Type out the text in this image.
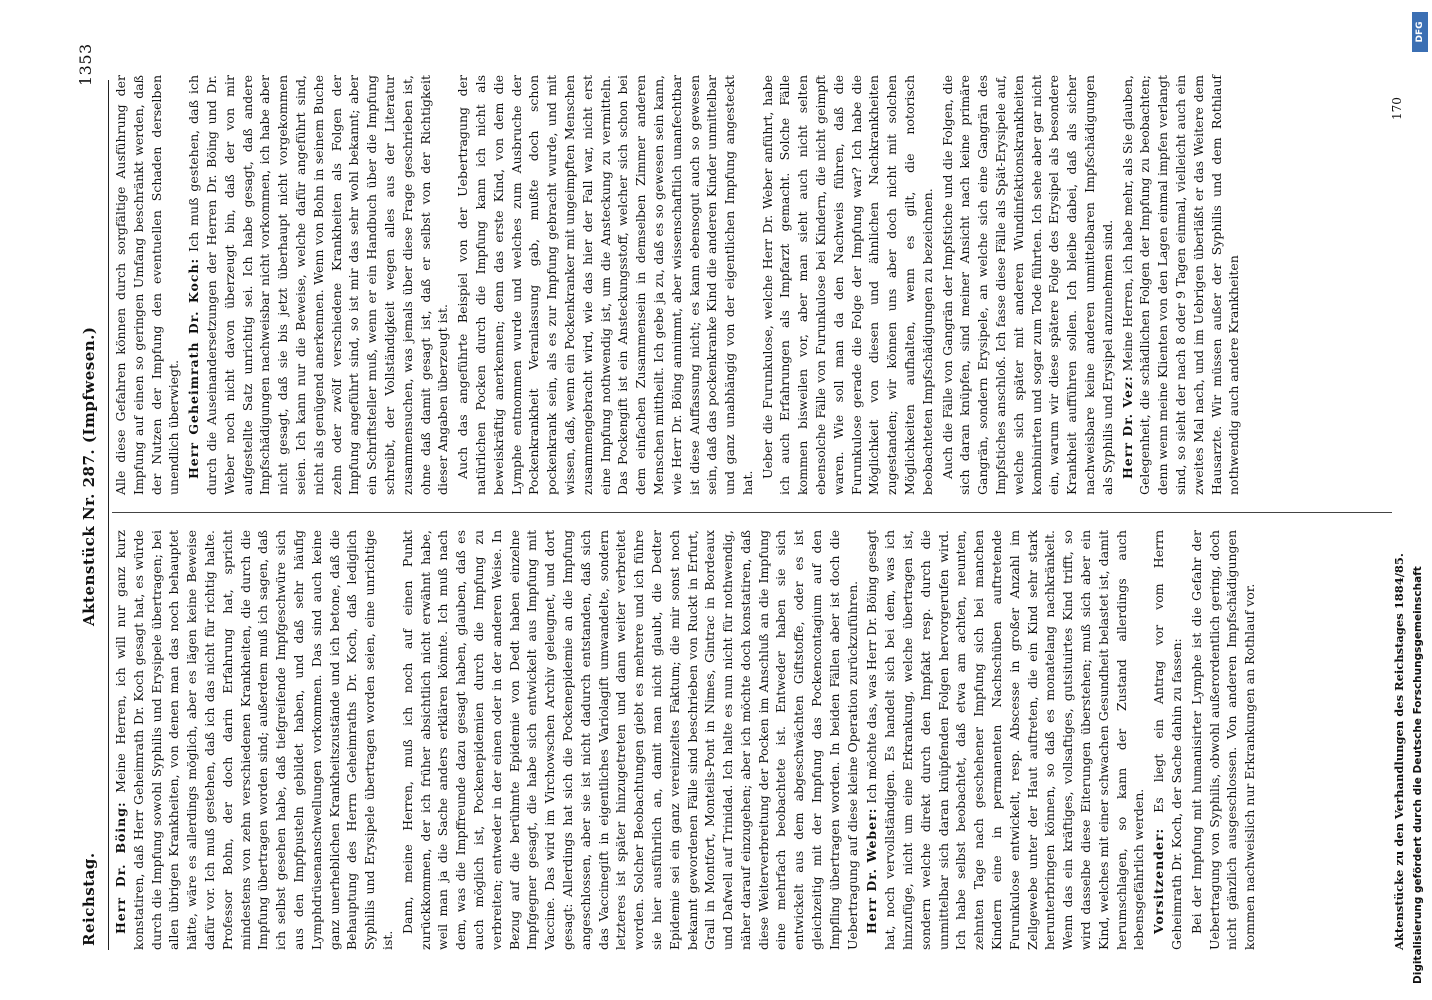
Reichstag.
Aktenstück Nr. 287. (Impfwesen.)
1353

Herr Dr. Böing: Meine Herren, ich will nur ganz kurz konstatiren, daß Herr Geheimrath Dr. Koch gesagt hat, es würde durch die Impfung sowohl Syphilis und Erysipele übertragen; bei allen übrigen Krankheiten, von denen man das noch behauptet hätte, wäre es allerdings möglich, aber es lägen keine Beweise dafür vor. Ich muß gestehen, daß ich das nicht für richtig halte. Professor Bohn, der doch darin Erfahrung hat, spricht mindestens von zehn verschiedenen Krankheiten, die durch die Impfung übertragen worden sind; außerdem muß ich sagen, daß ich selbst gesehen habe, daß tiefgreifende Impfgeschwüre sich aus den Impfpusteln gebildet haben, und daß sehr häufig Lymphdrüsenanschwellungen vorkommen. Das sind auch keine ganz unerheblichen Krankheitszustände und ich betone, daß die Behauptung des Herrn Geheimraths Dr. Koch, daß lediglich Syphilis und Erysipele übertragen worden seien, eine unrichtige ist.

Dann, meine Herren, muß ich noch auf einen Punkt zurückkommen, der ich früher absichtlich nicht erwähnt habe, weil man ja die Sache anders erklären könnte. Ich muß nach dem, was die Impffreunde dazu gesagt haben, glauben, daß es auch möglich ist, Pockenepidemien durch die Impfung zu verbreiten; entweder in der einen oder in der anderen Weise. In Bezug auf die berühmte Epidemie von Dedt haben einzelne Impfgegner gesagt, die habe sich entwickelt aus Impfung mit Vaccine. Das wird im Virchowschen Archiv geleugnet, und dort gesagt: Allerdings hat sich die Pockenepidemie an die Impfung angeschlossen, aber sie ist nicht dadurch entstanden, daß sich das Vaccinegift in eigentliches Variolagift umwandelte, sondern letzteres ist später hinzugetreten und dann weiter verbreitet worden. Solcher Beobachtungen giebt es mehrere und ich führe sie hier ausführlich an, damit man nicht glaubt, die Dedter Epidemie sei ein ganz vereinzeltes Faktum; die mir sonst noch bekannt gewordenen Fälle sind beschrieben von Ruckt in Erfurt, Grall in Montfort, Monteils-Pont in Nimes, Gintrac in Bordeaux und Dafwell auf Trinidad. Ich halte es nun nicht für nothwendig, näher darauf einzugehen; aber ich möchte doch konstatiren, daß diese Weiterverbreitung der Pocken im Anschluß an die Impfung eine mehrfach beobachtete ist. Entweder haben sie sich entwickelt aus dem abgeschwächten Giftstoffe, oder es ist gleichzeitig mit der Impfung das Pockencontagium auf den Impfling übertragen worden. In beiden Fällen aber ist doch die Uebertragung auf diese kleine Operation zurückzuführen. Herr Dr. Weber: Ich möchte das, was Herr Dr. Böing gesagt hat, noch vervollständigen. Es handelt sich bei dem, was ich hinzufüge, nicht um eine Erkrankung, welche übertragen ist, sondern welche direkt durch den Impfakt resp. durch die unmittelbar sich daran knüpfenden Folgen hervorgerufen wird. Ich habe selbst beobachtet, daß etwa am achten, neunten, zehnten Tage nach geschehener Impfung sich bei manchen Kindern eine in permanenten Nachschüben auftretende Furunkulose entwickelt, resp. Abscesse in großer Anzahl im Zellgewebe unter der Haut auftreten, die ein Kind sehr stark herunterbringen können, so daß es monatelang nachkränkelt. Wenn das ein kräftiges, vollsaftiges, gutsituirtes Kind trifft, so wird dasselbe diese Eiterungen überstehen; muß sich aber ein Kind, welches mit einer schwachen Gesundheit belastet ist, damit herumschlagen, so kann der Zustand allerdings auch lebensgefährlich werden. Vorsitzender: Es liegt ein Antrag vor vom Herrn Geheimrath Dr. Koch, der Sache dahin zu fassen: Bei der Impfung mit humanisirter Lymphe ist die Gefahr der Uebertragung von Syphilis, obwohl außerordentlich gering, doch nicht gänzlich ausgeschlossen. Von anderen Impfschädigungen kommen nachweislich nur Erkrankungen an Rothlauf vor.

Alle diese Gefahren können durch sorgfältige Ausführung der Impfung auf einen so geringen Umfang beschränkt werden, daß der Nutzen der Impfung den eventuellen Schaden derselben unendlich überwiegt. Herr Geheimrath Dr. Koch: Ich muß gestehen, daß ich durch die Auseinandersetzungen der Herren Dr. Böing und Dr. Weber noch nicht davon überzeugt bin, daß der von mir aufgestellte Satz unrichtig sei. Ich habe gesagt, daß andere Impfschädigungen nachweisbar nicht vorkommen, ich habe aber nicht gesagt, daß sie bis jetzt überhaupt nicht vorgekommen seien. Ich kann nur die Beweise, welche dafür angeführt sind, nicht als genügend anerkennen. Wenn von Bohn in seinem Buche zehn oder zwölf verschiedene Krankheiten als Folgen der Impfung angeführt sind, so ist mir das sehr wohl bekannt; aber ein Schriftsteller muß, wenn er ein Handbuch über die Impfung schreibt, der Vollständigkeit wegen alles aus der Literatur zusammensuchen, was jemals über diese Frage geschrieben ist, ohne daß damit gesagt ist, daß er selbst von der Richtigkeit dieser Angaben überzeugt ist. Auch das angeführte Beispiel von der Uebertragung der natürlichen Pocken durch die Impfung kann ich nicht als beweiskräftig anerkennen; denn das erste Kind, von dem die Lymphe entnommen wurde und welches zum Ausbruche der Pockenkrankheit Veranlassung gab, mußte doch schon pockenkrank sein, als es zur Impfung gebracht wurde, und mit wissen, daß, wenn ein Pockenkranker mit ungeimpften Menschen zusammengebracht wird, wie das hier der Fall war, nicht erst eine Impfung nothwendig ist, um die Ansteckung zu vermitteln. Das Pockengift ist ein Ansteckungsstoff, welcher sich schon bei dem einfachen Zusammensein in demselben Zimmer anderen Menschen mittheilt. Ich gebe ja zu, daß es so gewesen sein kann, wie Herr Dr. Böing annimmt, aber wissenschaftlich unanfechtbar ist diese Auffassung nicht; es kann ebensogut auch so gewesen sein, daß das pockenkranke Kind die anderen Kinder unmittelbar und ganz unabhängig von der eigentlichen Impfung angesteckt hat.

Ueber die Furunkulose, welche Herr Dr. Weber anführt, habe ich auch Erfahrungen als Impfarzt gemacht. Solche Fälle kommen bisweilen vor, aber man sieht auch nicht selten ebensolche Fälle von Furunkulose bei Kindern, die nicht geimpft waren. Wie soll man da den Nachweis führen, daß die Furunkulose gerade die Folge der Impfung war? Ich habe die Möglichkeit von diesen und ähnlichen Nachkrankheiten zugestanden; wir können uns aber doch nicht mit solchen Möglichkeiten aufhalten, wenn es gilt, die notorisch beobachteten Impfschädigungen zu bezeichnen. Auch die Fälle von Gangrän der Impfstiche und die Folgen, die sich daran knüpfen, sind meiner Ansicht nach keine primäre Gangrän, sondern Erysipele, an welche sich eine Gangrän des Impfstiches anschloß. Ich fasse diese Fälle als Spät-Erysipele auf, welche sich später mit anderen Wundinfektionskrankheiten kombinirten und sogar zum Tode führten. Ich sehe aber gar nicht ein, warum wir diese spätere Folge des Erysipel als besondere Krankheit aufführen sollen. Ich bleibe dabei, daß als sicher nachweisbare keine anderen unmittelbaren Impfschädigungen als Syphilis und Erysipel anzunehmen sind. Herr Dr. Vez: Meine Herren, ich habe mehr, als Sie glauben, Gelegenheit, die schädlichen Folgen der Impfung zu beobachten; denn wenn meine Klienten von den Lagen einmal impfen verlangt sind, so sieht der nach 8 oder 9 Tagen einmal, vielleicht auch ein zweites Mal nach, und im Uebrigen überläßt er das Weitere dem Hausarzte. Wir müssen außer der Syphilis und dem Rothlauf nothwendig auch andere Krankheiten

Aktenstücke zu den Verhandlungen des Reichstages 1884/85.
170
Digitalisierung gefördert durch die Deutsche Forschungsgemeinschaft
DFG
